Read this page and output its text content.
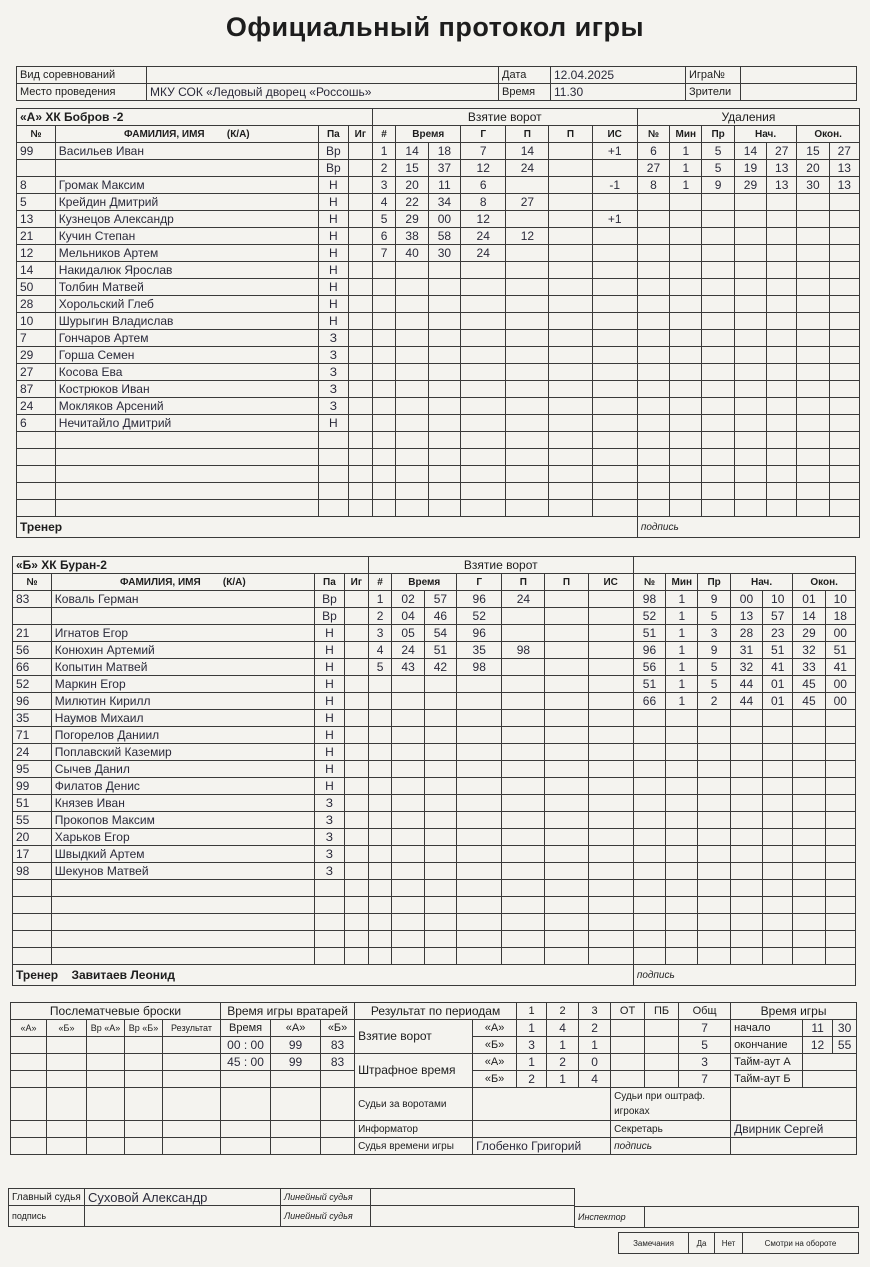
Официальный протокол игры
Вид соревнований		Дата	12.04.2025	Игра№	
Место проведения	МКУ СОК «Ледовый дворец «Россошь»	Время	11.30	Зрители	
«А» ХК Бобров -2				Взятие ворот							Удаления						
№	ФАМИЛИЯ, ИМЯ (К/А)	Па	Иг	#	Время		Г	П	П	ИС	№	Мин	Пр	Нач.		Окон.	
99	Васильев Иван	Вр		1	14	18	7	14		+1	6	1	5	14	27	15	27
		Вр		2	15	37	12	24			27	1	5	19	13	20	13
8	Громак Максим	Н		3	20	11	6			-1	8	1	9	29	13	30	13
5	Крейдин Дмитрий	Н		4	22	34	8	27									
13	Кузнецов Александр	Н		5	29	00	12			+1							
21	Кучин Степан	Н		6	38	58	24	12									
12	Мельников Артем	Н		7	40	30	24										
14	Накидалюк Ярослав	Н															
50	Толбин Матвей	Н															
28	Хорольский Глеб	Н															
10	Шурыгин Владислав	Н															
7	Гончаров Артем	З															
29	Горша Семен	З															
27	Косова Ева	З															
87	Кострюков Иван	З															
24	Мокляков Арсений	З															
6	Нечитайло Дмитрий	Н															

Тренер											подпись						
«Б» ХК Буран-2				Взятие ворот													
№	ФАМИЛИЯ, ИМЯ (К/А)	Па	Иг	#	Время		Г	П	П	ИС	№	Мин	Пр	Нач.		Окон.	
83	Коваль Герман	Вр		1	02	57	96	24			98	1	9	00	10	01	10
		Вр		2	04	46	52				52	1	5	13	57	14	18
21	Игнатов Егор	Н		3	05	54	96				51	1	3	28	23	29	00
56	Конюхин Артемий	Н		4	24	51	35	98			96	1	9	31	51	32	51
66	Копытин Матвей	Н		5	43	42	98				56	1	5	32	41	33	41
52	Маркин Егор	Н									51	1	5	44	01	45	00
96	Милютин Кирилл	Н									66	1	2	44	01	45	00
35	Наумов Михаил	Н															
71	Погорелов Даниил	Н															
24	Поплавский Каземир	Н															
95	Сычев Данил	Н															
99	Филатов Денис	Н															
51	Князев Иван	З															
55	Прокопов Максим	З															
20	Харьков Егор	З															
17	Швыдкий Артем	З															
98	Шекунов Матвей	З															

Тренер Завитаев Леонид											подпись						
Послематчевые броски					Время игры вратарей			Результат по периодам		1	2	3	ОТ	ПБ	Общ	Время игры		
«А»	«Б»	Вр «А»	Вр «Б»	Результат	Время	«А»	«Б»	Взятие ворот	«А»	1	4	2			7	начало	11	30
					00 : 00	99	83		«Б»	3	1	1			5	окончание	12	55
					45 : 00	99	83	Штрафное время	«А»	1	2	0			3	Тайм-аут А		
									«Б»	2	1	4			7	Тайм-аут Б		
								Судьи за воротами					Судьи при оштраф. игроках					
								Информатор					Секретарь			Двирник Сергей		
								Судья времени игры	Глобенко Григорий				подпись					
Главный судья	Суховой Александр	Линейный судья	
подпись		Линейный судья		Инспектор	
Замечания	Да	Нет	Смотри на обороте
